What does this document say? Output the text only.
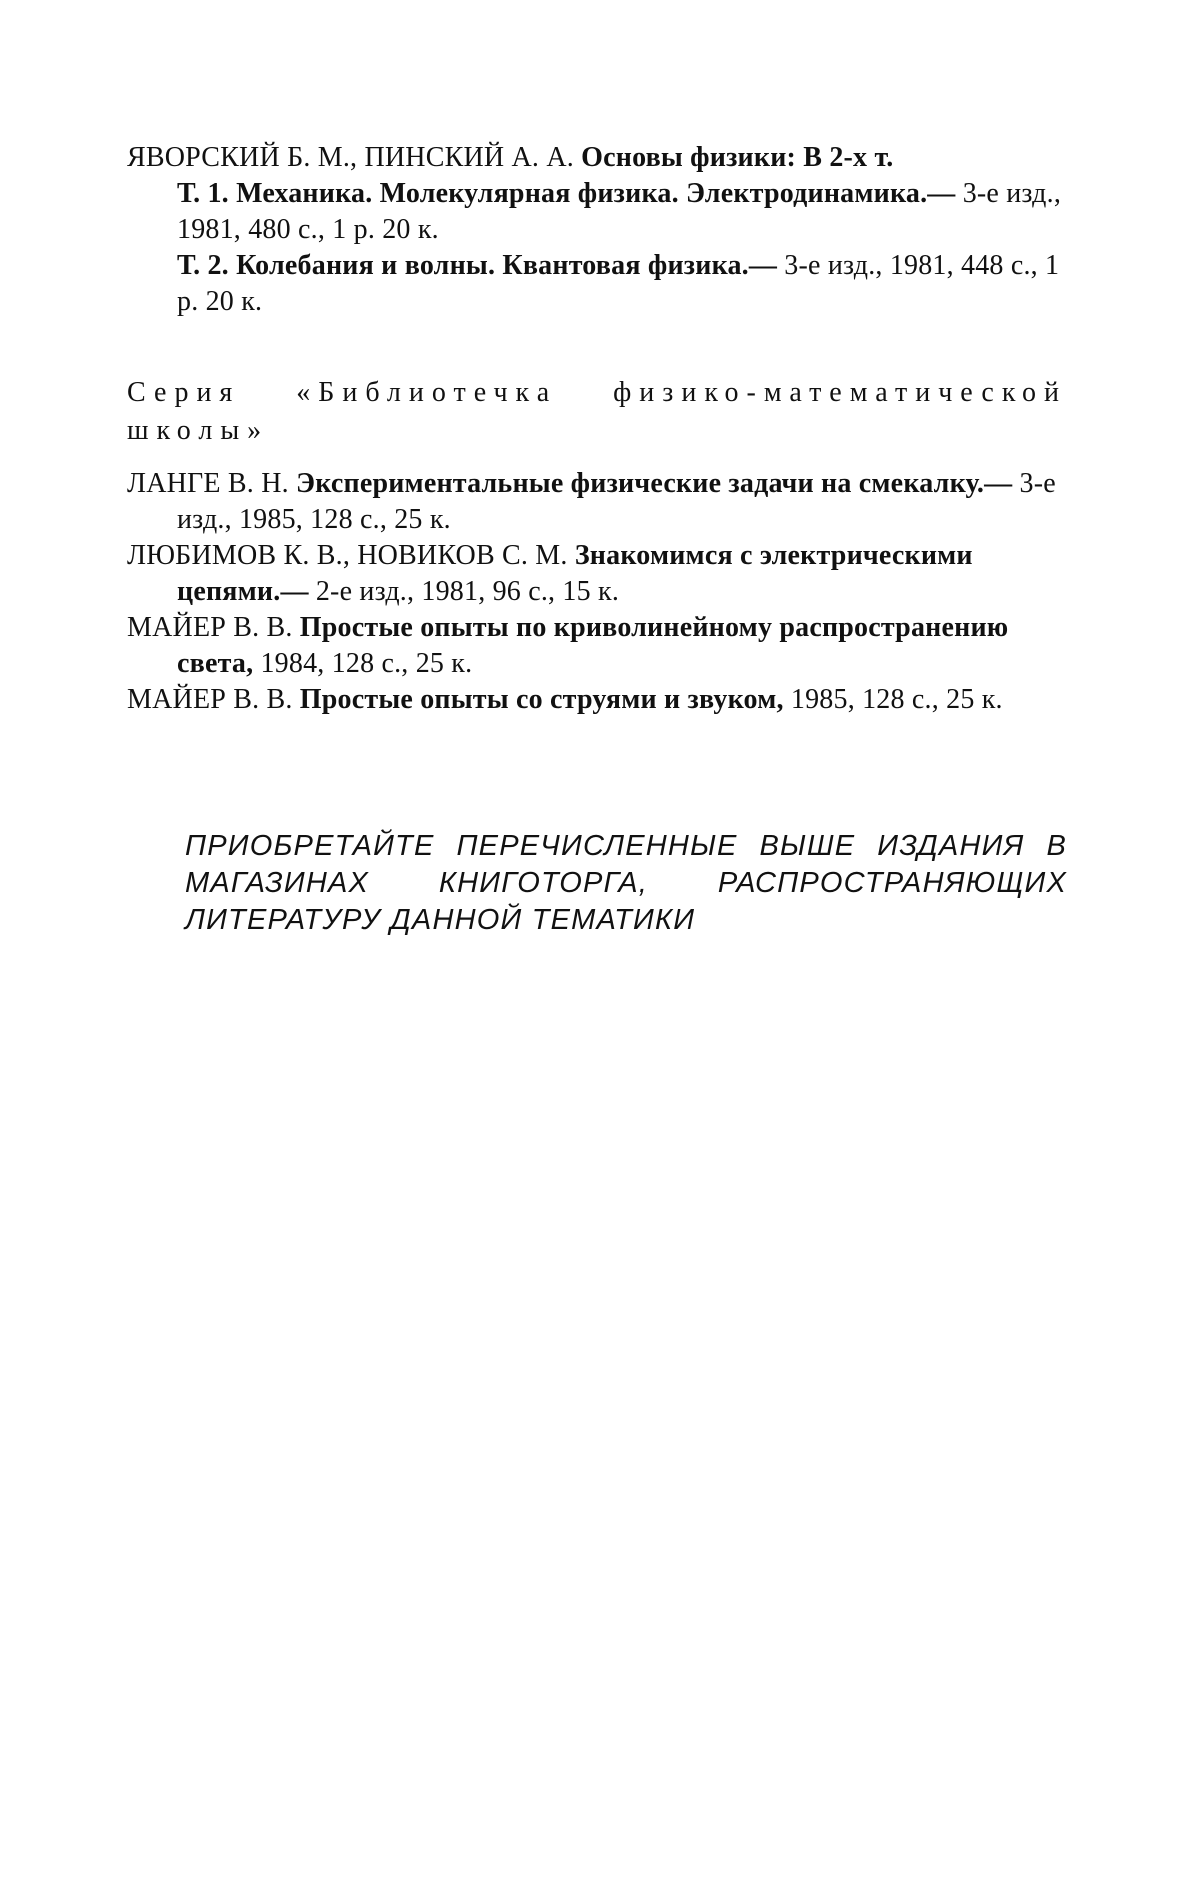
ЯВОРСКИЙ Б. М., ПИНСКИЙ А. А. Основы физики: В 2-х т.
Т. 1. Механика. Молекулярная физика. Электродинамика.— 3-е изд., 1981, 480 с., 1 р. 20 к.
Т. 2. Колебания и волны. Квантовая физика.— 3-е изд., 1981, 448 с., 1 р. 20 к.
Серия «Библиотечка физико-математической школы»
ЛАНГЕ В. Н. Экспериментальные физические задачи на смекалку.— 3-е изд., 1985, 128 с., 25 к.
ЛЮБИМОВ К. В., НОВИКОВ С. М. Знакомимся с электрическими цепями.— 2-е изд., 1981, 96 с., 15 к.
МАЙЕР В. В. Простые опыты по криволинейному распространению света, 1984, 128 с., 25 к.
МАЙЕР В. В. Простые опыты со струями и звуком, 1985, 128 с., 25 к.
ПРИОБРЕТАЙТЕ ПЕРЕЧИСЛЕННЫЕ ВЫШЕ ИЗДАНИЯ В МАГАЗИНАХ КНИГОТОРГА, РАСПРОСТРАНЯЮЩИХ ЛИТЕРАТУРУ ДАННОЙ ТЕМАТИКИ
